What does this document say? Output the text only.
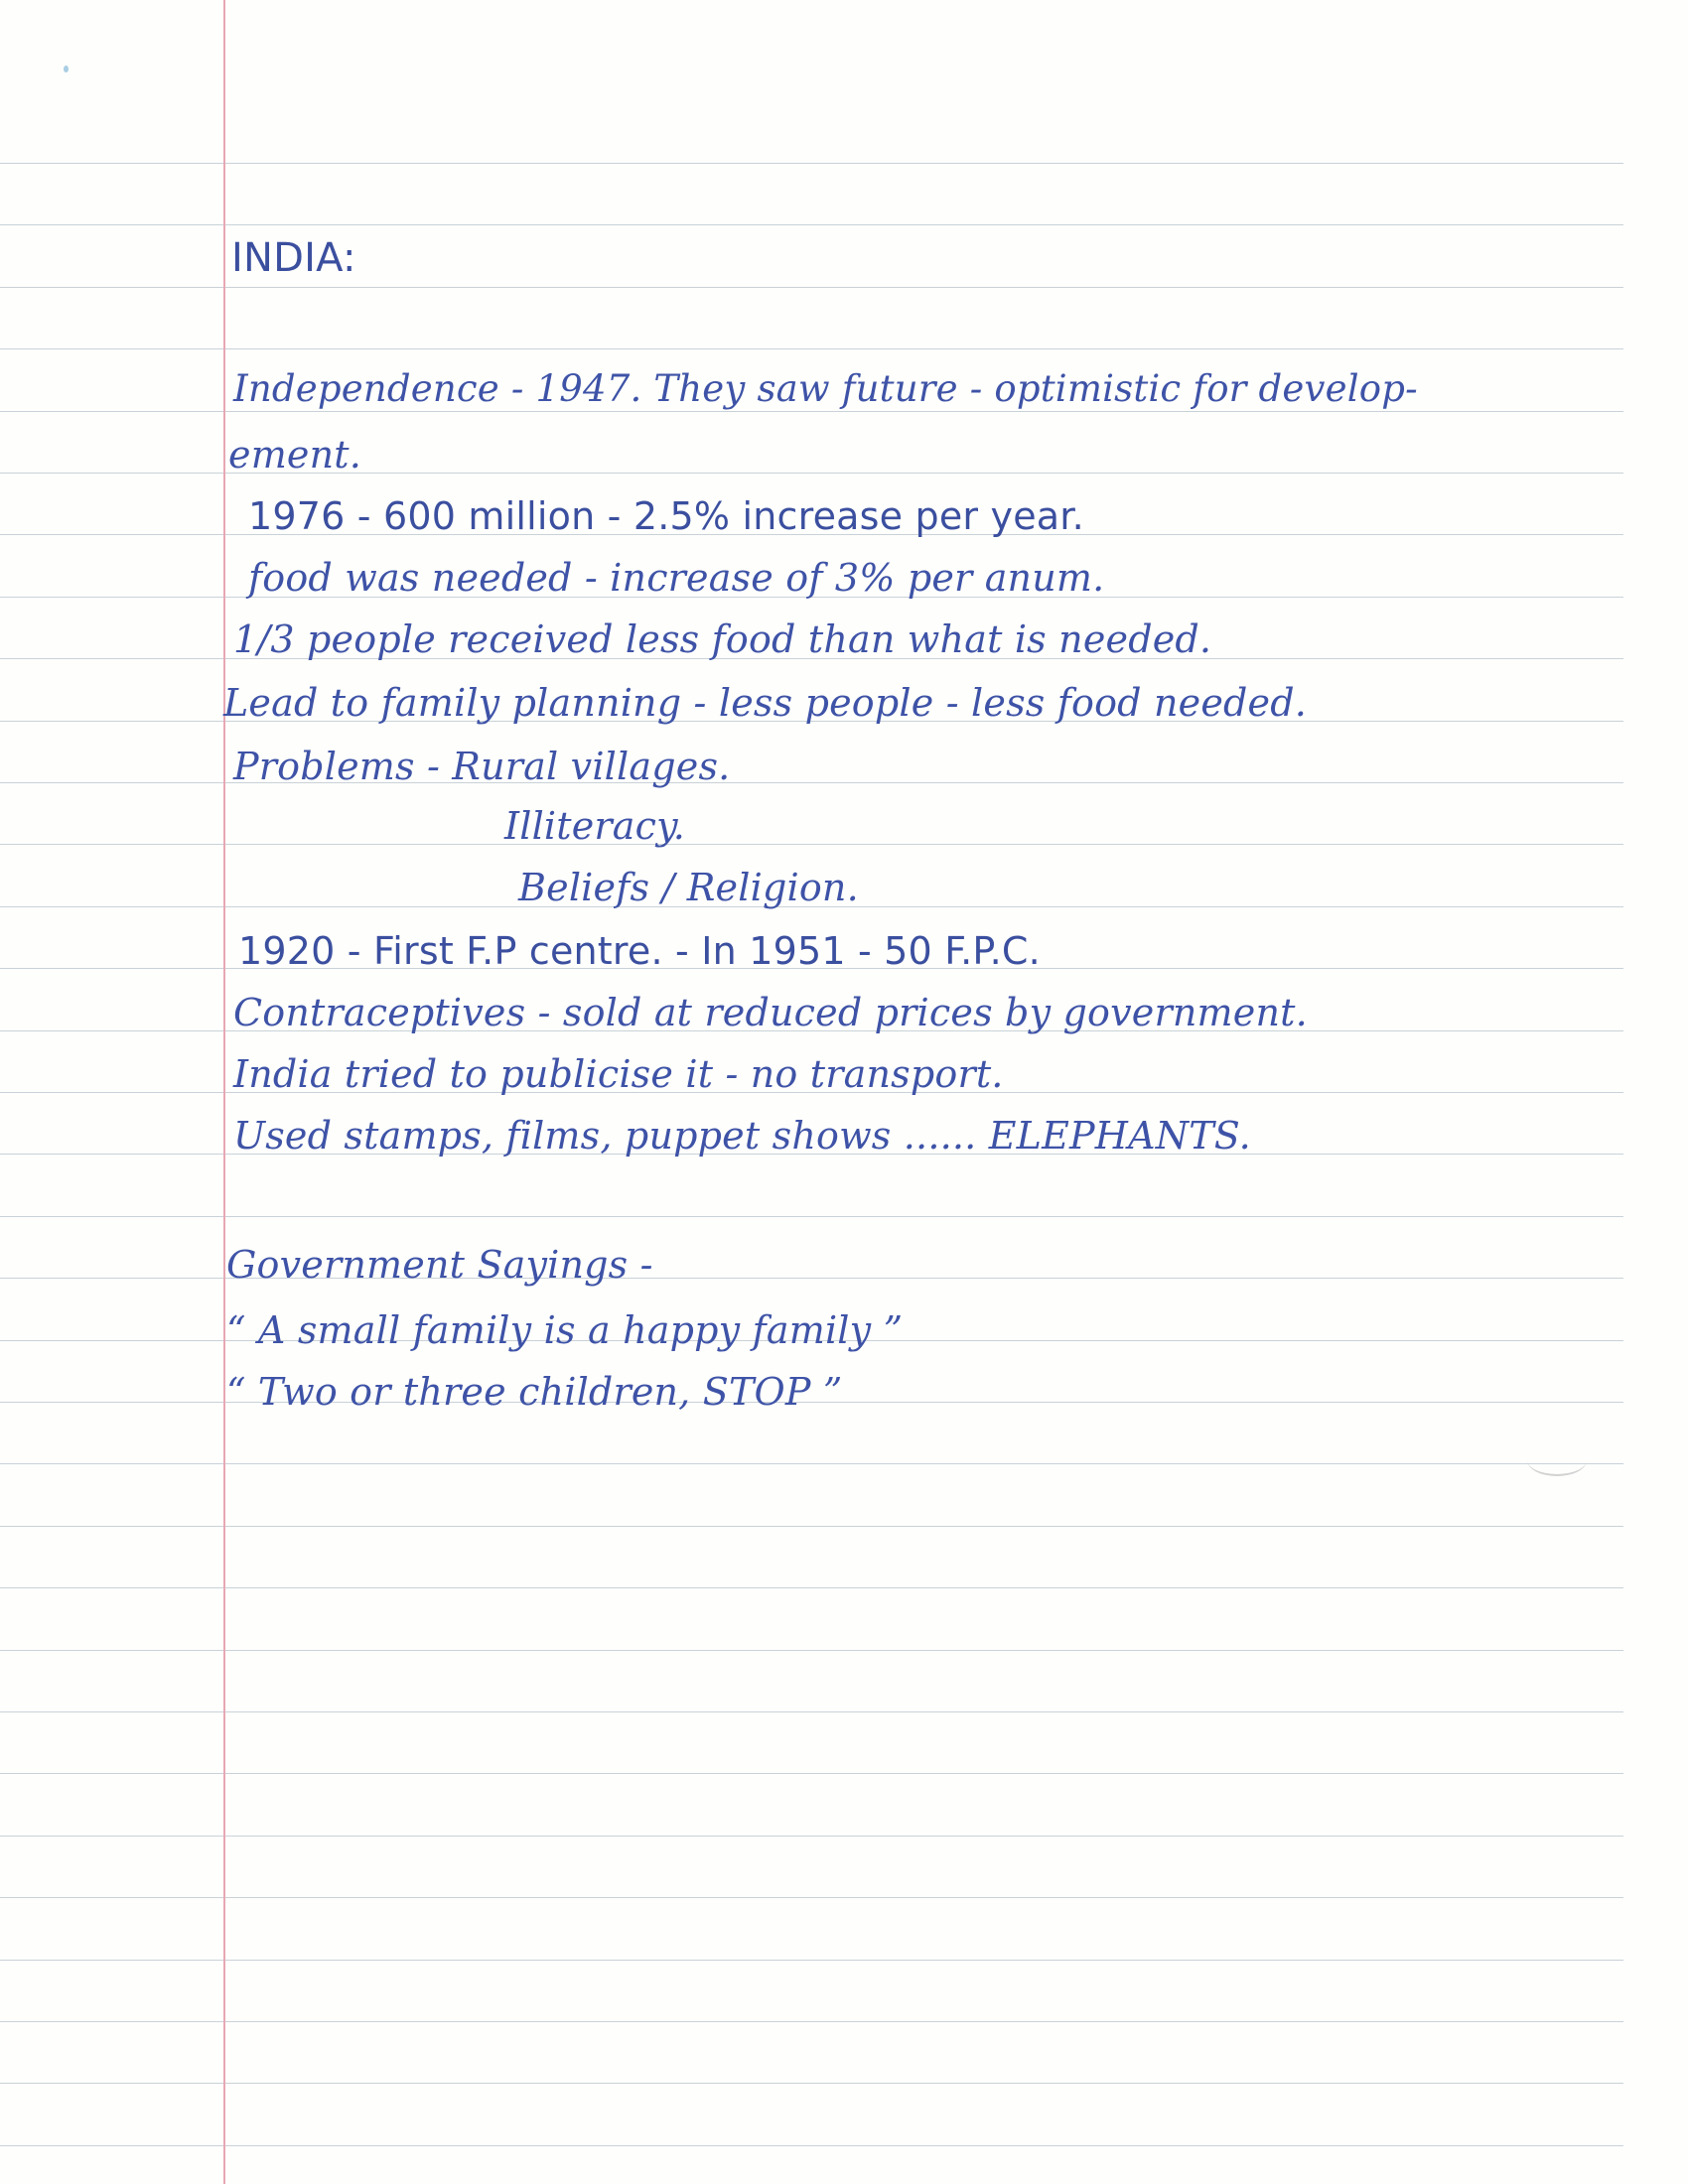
INDIA:

Independence - 1947. They saw future - optimistic for develop-

ement.

1976 - 600 million - 2.5% increase per year.

food was needed - increase of 3% per anum.

1/3 people received less food than what is needed.

Lead to family planning - less people - less food needed.

Problems - Rural villages.

Illiteracy.

Beliefs / Religion.

1920 - First F.P centre. - In 1951 - 50 F.P.C.

Contraceptives - sold at reduced prices by government.

India tried to publicise it - no transport.

Used stamps, films, puppet shows ...... ELEPHANTS.

Government Sayings -

“ A small family is a happy family ”

“ Two or three children, STOP ”
